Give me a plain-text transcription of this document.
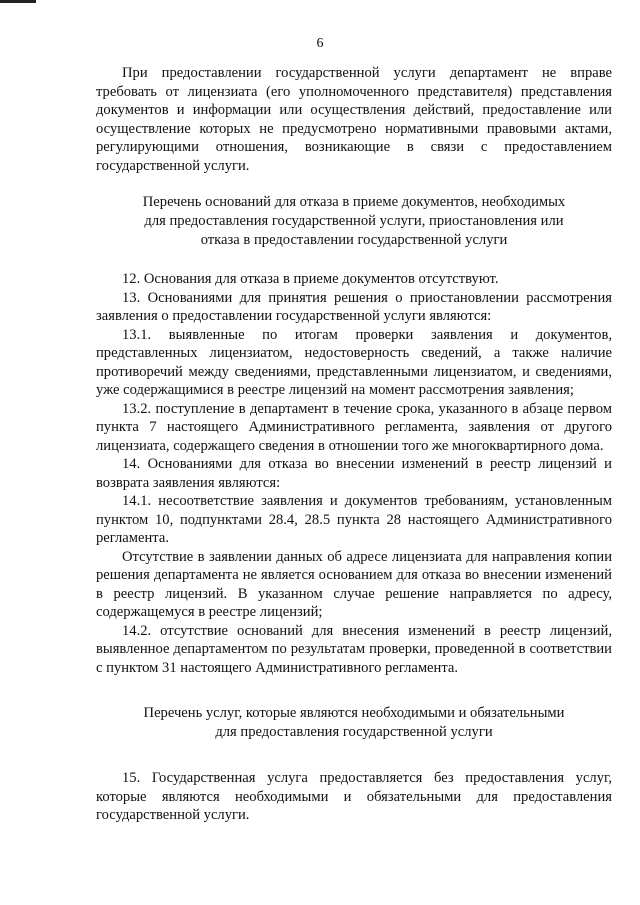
6

При предоставлении государственной услуги департамент не вправе требовать от лицензиата (его уполномоченного представителя) представления документов и информации или осуществления действий, предоставление или осуществление которых не предусмотрено нормативными правовыми актами, регулирующими отношения, возникающие в связи с предоставлением государственной услуги.

Перечень оснований для отказа в приеме документов, необходимых для предоставления государственной услуги, приостановления или отказа в предоставлении государственной услуги

12. Основания для отказа в приеме документов отсутствуют.

13. Основаниями для принятия решения о приостановлении рассмотрения заявления о предоставлении государственной услуги являются:

13.1. выявленные по итогам проверки заявления и документов, представленных лицензиатом, недостоверность сведений, а также наличие противоречий между сведениями, представленными лицензиатом, и сведениями, уже содержащимися в реестре лицензий на момент рассмотрения заявления;

13.2. поступление в департамент в течение срока, указанного в абзаце первом пункта 7 настоящего Административного регламента, заявления от другого лицензиата, содержащего сведения в отношении того же многоквартирного дома.

14. Основаниями для отказа во внесении изменений в реестр лицензий и возврата заявления являются:

14.1. несоответствие заявления и документов требованиям, установленным пунктом 10, подпунктами 28.4, 28.5 пункта 28 настоящего Административного регламента.

Отсутствие в заявлении данных об адресе лицензиата для направления копии решения департамента не является основанием для отказа во внесении изменений в реестр лицензий. В указанном случае решение направляется по адресу, содержащемуся в реестре лицензий;

14.2. отсутствие оснований для внесения изменений в реестр лицензий, выявленное департаментом по результатам проверки, проведенной в соответствии с пунктом 31 настоящего Административного регламента.

Перечень услуг, которые являются необходимыми и обязательными для предоставления государственной услуги

15. Государственная услуга предоставляется без предоставления услуг, которые являются необходимыми и обязательными для предоставления государственной услуги.
